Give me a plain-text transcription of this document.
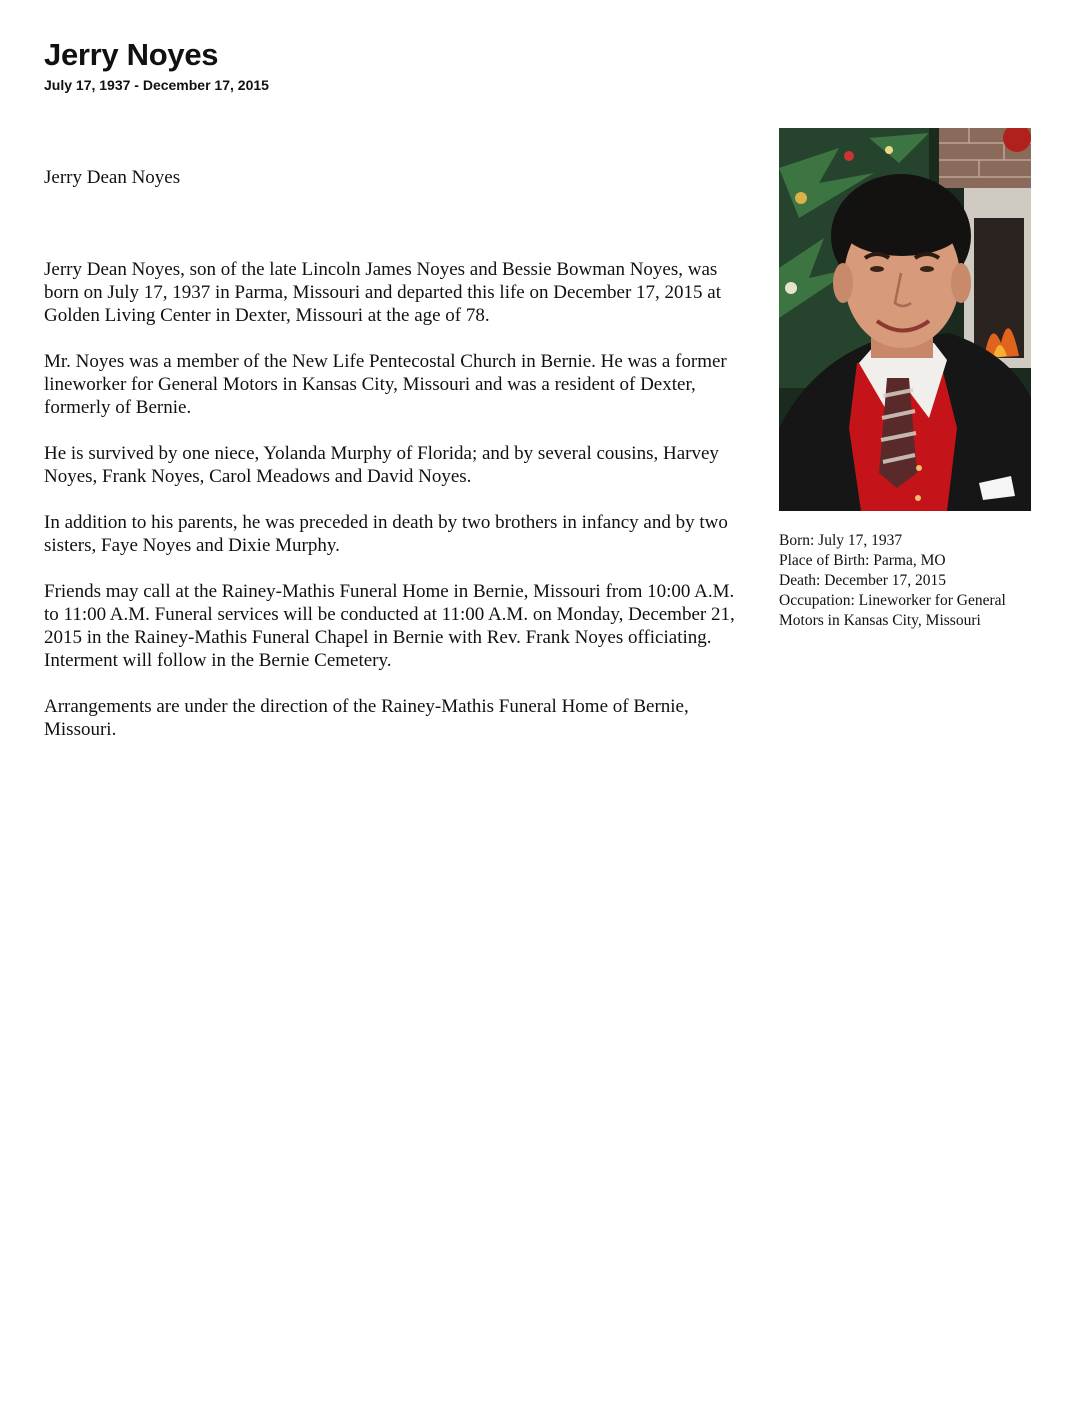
Jerry Noyes
July 17, 1937 - December 17, 2015

Jerry Dean Noyes

Jerry Dean Noyes, son of the late Lincoln James Noyes and Bessie Bowman Noyes, was born on July 17, 1937 in Parma, Missouri and departed this life on December 17, 2015 at Golden Living Center in Dexter, Missouri at the age of 78.

Mr. Noyes was a member of the New Life Pentecostal Church in Bernie. He was a former lineworker for General Motors in Kansas City, Missouri and was a resident of Dexter, formerly of Bernie.

He is survived by one niece, Yolanda Murphy of Florida; and by several cousins, Harvey Noyes, Frank Noyes, Carol Meadows and David Noyes.

In addition to his parents, he was preceded in death by two brothers in infancy and by two sisters, Faye Noyes and Dixie Murphy.

Friends may call at the Rainey-Mathis Funeral Home in Bernie, Missouri from 10:00 A.M. to 11:00 A.M. Funeral services will be conducted at 11:00 A.M. on Monday, December 21, 2015 in the Rainey-Mathis Funeral Chapel in Bernie with Rev. Frank Noyes officiating. Interment will follow in the Bernie Cemetery.

Arrangements are under the direction of the Rainey-Mathis Funeral Home of Bernie, Missouri.

Born: July 17, 1937
Place of Birth: Parma, MO
Death: December 17, 2015
Occupation: Lineworker for General Motors in Kansas City, Missouri
